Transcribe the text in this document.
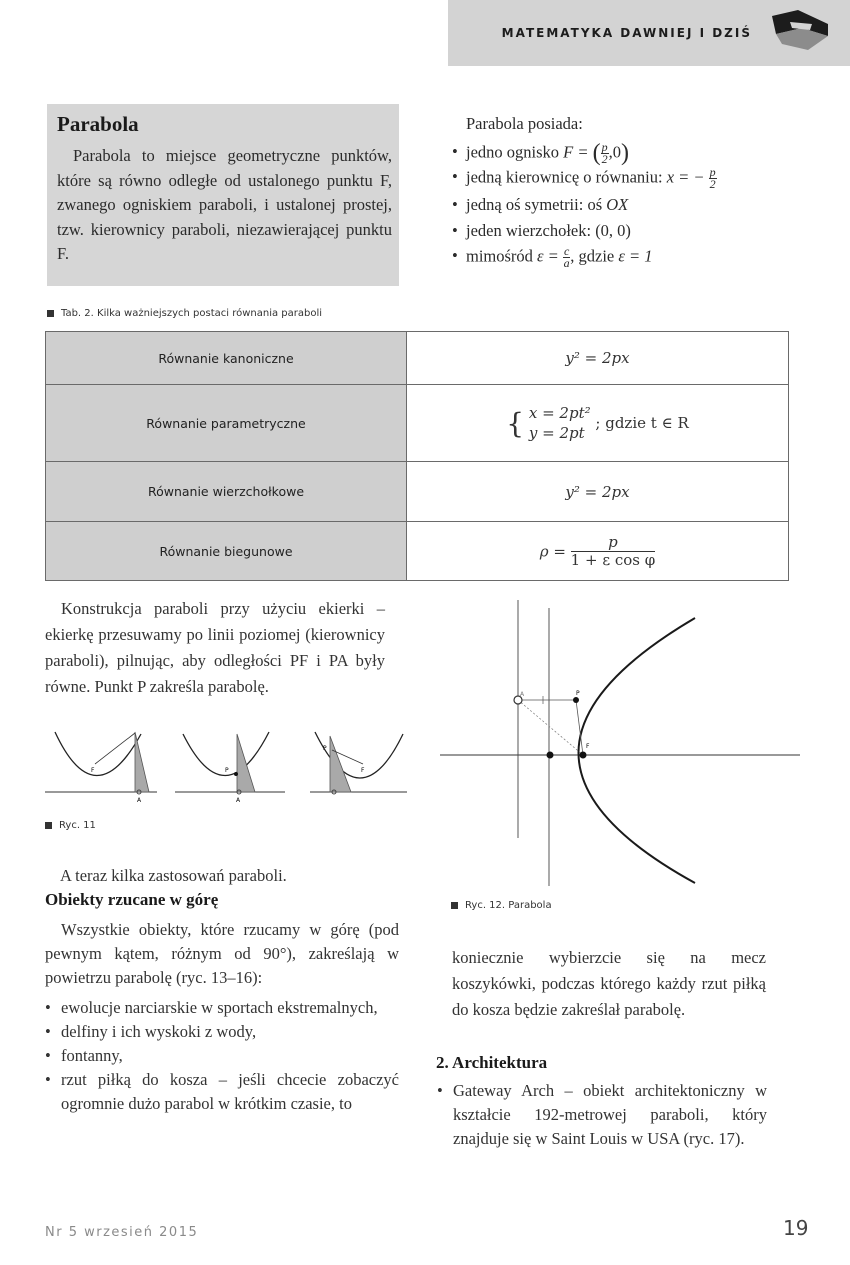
MATEMATYKA DAWNIEJ I DZIŚ
Parabola
Parabola to miejsce geometryczne punktów, które są równo odległe od ustalonego punktu F, zwanego ogniskiem paraboli, i ustalonej prostej, tzw. kierownicy paraboli, niezawierającej punktu F.
Parabola posiada:
• jedno ognisko F = ( $\frac{p}{2} ,0$)
• jedną kierownicę o równaniu: x = − $\frac{p}{2}$
• jedną oś symetrii: oś OX
• jeden wierzchołek: (0, 0)
• mimośród $\varepsilon = \frac{c}{a}$ , gdzie ε = 1
Tab. 2. Kilka ważniejszych postaci równania paraboli
Równanie kanoniczne	y² = 2px
Równanie parametryczne	{ x = 2pt²
y = 2pt
; gdzie t ∈ R
Równanie wierzchołkowe	y² = 2px
Równanie biegunowe	$\rho = \frac{p}{\text{1 + ε cos φ}}$
Konstrukcja paraboli przy użyciu ekierki – ekierkę przesuwamy po linii poziomej (kierownicy paraboli), pilnując, aby odległości PF i PA były równe. Punkt P zakreśla parabolę.
F
A
P
A
P
F
Ryc. 11
A	P
F
Ryc. 12. Parabola
A teraz kilka zastosowań paraboli.
Obiekty rzucane w górę
Wszystkie obiekty, które rzucamy w górę (pod pewnym kątem, różnym od 90°), zakreślają w powietrzu parabolę (ryc. 13–16):
• ewolucje narciarskie w sportach ekstremalnych,
• delfiny i ich wyskoki z wody,
• fontanny,
• rzut piłką do kosza – jeśli chcecie zobaczyć ogromnie dużo parabol w krótkim czasie, to
koniecznie wybierzcie się na mecz koszykówki, podczas którego każdy rzut piłką do kosza będzie zakreślał parabolę.
2. Architektura
• Gateway Arch – obiekt architektoniczny w kształcie 192-metrowej paraboli, który znajduje się w Saint Louis w USA (ryc. 17).
Nr 5 wrzesień 2015	19
